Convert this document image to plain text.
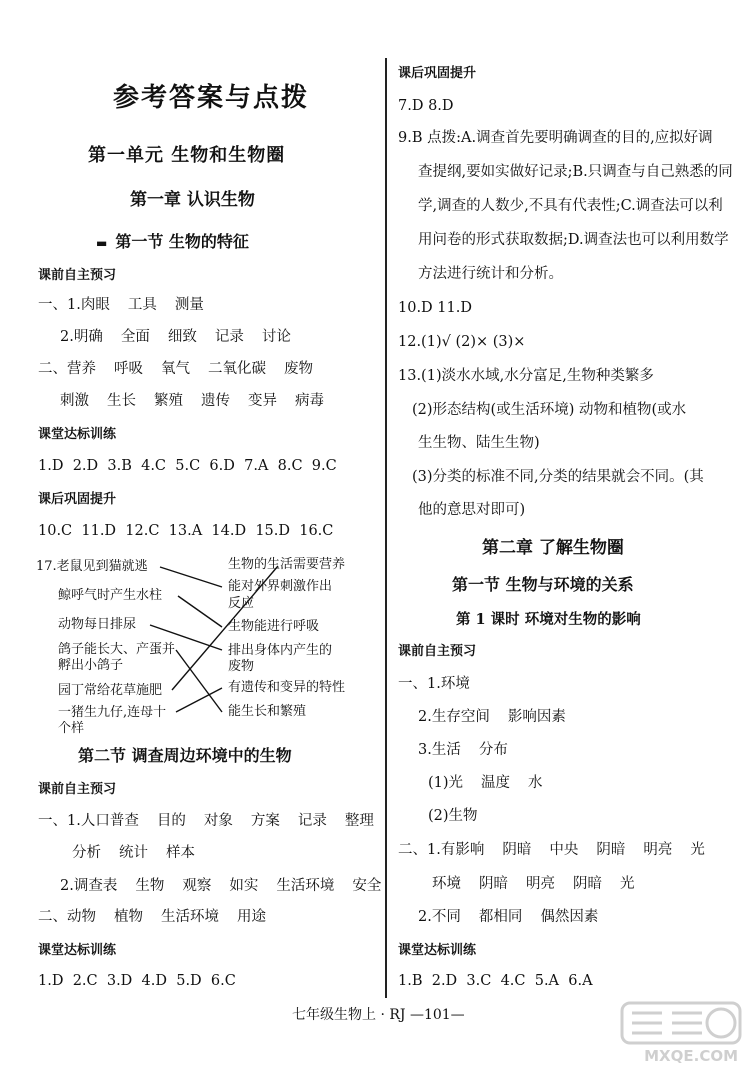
参考答案与点拨
第一单元 生物和生物圈
第一章 认识生物
▬ 第一节 生物的特征
课前自主预习
一、1.肉眼 工具 测量
2.明确 全面 细致 记录 讨论
二、营养 呼吸 氧气 二氧化碳 废物
刺激 生长 繁殖 遗传 变异 病毒
课堂达标训练
1.D 2.D 3.B 4.C 5.C 6.D 7.A 8.C 9.C
课后巩固提升
10.C 11.D 12.C 13.A 14.D 15.D 16.C
17.老鼠见到猫就逃
鲸呼气时产生水柱
动物每日排尿
鸽子能长大、产蛋并
孵出小鸽子
园丁常给花草施肥
一猪生九仔,连母十
个样
生物的生活需要营养
能对外界刺激作出
反应
生物能进行呼吸
排出身体内产生的
废物
有遗传和变异的特性
能生长和繁殖
第二节 调查周边环境中的生物
课前自主预习
一、1.人口普查 目的 对象 方案 记录 整理
分析 统计 样本
2.调查表 生物 观察 如实 生活环境 安全
二、动物 植物 生活环境 用途
课堂达标训练
1.D 2.C 3.D 4.D 5.D 6.C
课后巩固提升
7.D 8.D
9.B 点拨:A.调查首先要明确调查的目的,应拟好调
查提纲,要如实做好记录;B.只调查与自己熟悉的同
学,调查的人数少,不具有代表性;C.调查法可以利
用问卷的形式获取数据;D.调查法也可以利用数学
方法进行统计和分析。
10.D 11.D
12.(1)√ (2)× (3)×
13.(1)淡水水域,水分富足,生物种类繁多
(2)形态结构(或生活环境) 动物和植物(或水
生生物、陆生生物)
(3)分类的标准不同,分类的结果就会不同。(其
他的意思对即可)
第二章 了解生物圈
第一节 生物与环境的关系
第 1 课时 环境对生物的影响
课前自主预习
一、1.环境
2.生存空间 影响因素
3.生活 分布
(1)光 温度 水
(2)生物
二、1.有影响 阴暗 中央 阴暗 明亮 光
环境 阴暗 明亮 阴暗 光
2.不同 都相同 偶然因素
课堂达标训练
1.B 2.D 3.C 4.C 5.A 6.A
七年级生物上 · RJ —101—
MXQE.COM
